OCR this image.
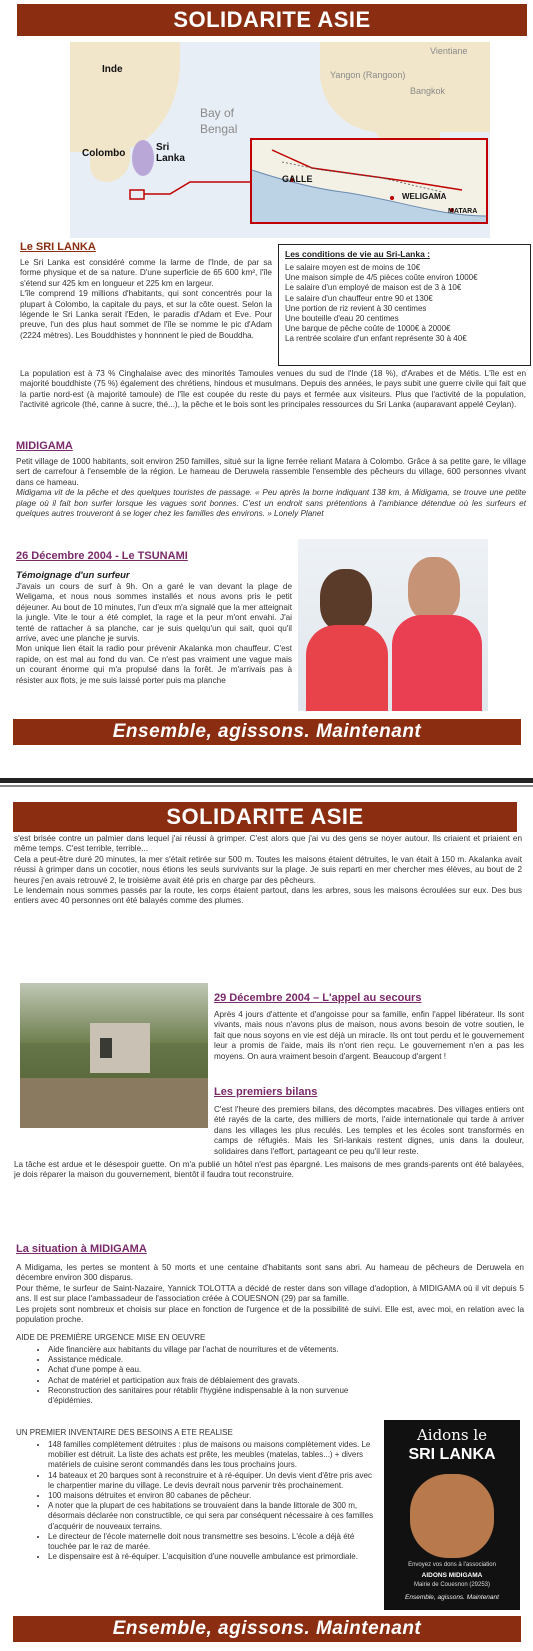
SOLIDARITE ASIE
Inde
Bay of
Bengal
Colombo
Sri
Lanka
Vientiane
Yangon (Rangoon)
Bangkok
GALLE
WELIGAMA
MATARA
Le SRI LANKA

Le Sri Lanka est considéré comme la larme de l'Inde, de par sa forme physique et de sa nature. D'une superficie de 65 600 km², l'île s'étend sur 425 km en longueur et 225 km en largeur.

L'île comprend 19 millions d'habitants, qui sont concentrés pour la plupart à Colombo, la capitale du pays, et sur la côte ouest. Selon la légende le Sri Lanka serait l'Eden, le paradis d'Adam et Eve. Pour preuve, l'un des plus haut sommet de l'île se nomme le pic d'Adam (2224 mètres). Les Bouddhistes y honnnent le pied de Bouddha.

Les conditions de vie au Sri-Lanka :
Le salaire moyen est de moins de 10€
Une maison simple de 4/5 pièces coûte environ 1000€
Le salaire d'un employé de maison est de 3 à 10€
Le salaire d'un chauffeur entre 90 et 130€
Une portion de riz revient à 30 centimes
Une bouteille d'eau 20 centimes
Une barque de pêche coûte de 1000€ à 2000€
La rentrée scolaire d'un enfant représente 30 à 40€
La population est à 73 % Cinghalaise avec des minorités Tamoules venues du sud de l'Inde (18 %), d'Arabes et de Métis. L'île est en majorité bouddhiste (75 %) également des chrétiens, hindous et musulmans. Depuis des années, le pays subit une guerre civile qui fait que la partie nord-est (à majorité tamoule) de l'île est coupée du reste du pays et fermée aux visiteurs. Plus que l'activité de la population, l'activité agricole (thé, canne à sucre, thé...), la pêche et le bois sont les principales ressources du Sri Lanka (auparavant appelé Ceylan).
MIDIGAMA

Petit village de 1000 habitants, soit environ 250 familles, situé sur la ligne ferrée reliant Matara à Colombo. Grâce à sa petite gare, le village sert de carrefour à l'ensemble de la région. Le hameau de Deruwela rassemble l'ensemble des pêcheurs du village, 600 personnes vivant dans ce hameau.

Midigama vit de la pêche et des quelques touristes de passage. « Peu après la borne indiquant 138 km, à Midigama, se trouve une petite plage où il fait bon surfer lorsque les vagues sont bonnes. C'est un endroit sans prétentions à l'ambiance détendue où les surfeurs et quelques autres trouveront à se loger chez les familles des environs. » Lonely Planet

26 Décembre 2004 - Le TSUNAMI
Témoignage d'un surfeur

J'avais un cours de surf à 9h. On a garé le van devant la plage de Weligama, et nous nous sommes installés et nous avons pris le petit déjeuner. Au bout de 10 minutes, l'un d'eux m'a signalé que la mer atteignait la jungle. Vite le tour a été complet, la rage et la peur m'ont envahi. J'ai tenté de rattacher à sa planche, car je suis quelqu'un qui sait, quoi qu'il arrive, avec une planche je survis.

Mon unique lien était la radio pour prévenir Akalanka mon chauffeur. C'est rapide, on est mal au fond du van. Ce n'est pas vraiment une vague mais un courant énorme qui m'a propulsé dans la forêt. Je m'arrivais pas à résister aux flots, je me suis laissé porter puis ma planche

Ensemble, agissons. Maintenant
SOLIDARITE ASIE

s'est brisée contre un palmier dans lequel j'ai réussi à grimper. C'est alors que j'ai vu des gens se noyer autour. Ils criaient et priaient en même temps. C'est terrible, terrible...

Cela a peut-être duré 20 minutes, la mer s'était retirée sur 500 m. Toutes les maisons étaient détruites, le van était à 150 m. Akalanka avait réussi à grimper dans un cocotier, nous étions les seuls survivants sur la plage. Je suis reparti en mer chercher mes élèves, au bout de 2 heures j'en avais retrouvé 2, le troisième avait été pris en charge par des pêcheurs.

Le lendemain nous sommes passés par la route, les corps étaient partout, dans les arbres, sous les maisons écroulées sur eux. Des bus entiers avec 40 personnes ont été balayés comme des plumes.

29 Décembre 2004 – L'appel au secours
Après 4 jours d'attente et d'angoisse pour sa famille, enfin l'appel libérateur. Ils sont vivants, mais nous n'avons plus de maison, nous avons besoin de votre soutien, le fait que nous soyons en vie est déjà un miracle. Ils ont tout perdu et le gouvernement leur a promis de l'aide, mais ils n'ont rien reçu. Le gouvernement n'en a pas les moyens. On aura vraiment besoin d'argent. Beaucoup d'argent !
Les premiers bilans
C'est l'heure des premiers bilans, des décomptes macabres. Des villages entiers ont été rayés de la carte, des milliers de morts, l'aide internationale qui tarde à arriver dans les villages les plus reculés. Les temples et les écoles sont transformés en camps de réfugiés. Mais les Sri-lankais restent dignes, unis dans la douleur, solidaires dans l'effort, partageant ce peu qu'il leur reste.
La tâche est ardue et le désespoir guette. On m'a publié un hôtel n'est pas épargné. Les maisons de mes grands-parents ont été balayées, je dois réparer la maison du gouvernement, bientôt il faudra tout reconstruire.
La situation à MIDIGAMA

A Midigama, les pertes se montent à 50 morts et une centaine d'habitants sont sans abri. Au hameau de pêcheurs de Deruwela en décembre environ 300 disparus.

Pour thème, le surfeur de Saint-Nazaire, Yannick TOLOTTA a décidé de rester dans son village d'adoption, à MIDIGAMA où il vit depuis 5 ans. Il est sur place l'ambassadeur de l'association créée à COUESNON (29) par sa famille.

Les projets sont nombreux et choisis sur place en fonction de l'urgence et de la possibilité de suivi. Elle est, avec moi, en relation avec la population proche.

AIDE DE PREMIÈRE URGENCE MISE EN OEUVRE
• Aide financière aux habitants du village par l'achat de nourritures et de vêtements.
• Assistance médicale.
• Achat d'une pompe à eau.
• Achat de matériel et participation aux frais de déblaiement des gravats.
• Reconstruction des sanitaires pour rétablir l'hygiène indispensable à la non survenue d'épidémies.
UN PREMIER INVENTAIRE DES BESOINS A ETE REALISE
• 148 familles complètement détruites : plus de maisons ou maisons complètement vides. Le mobilier est détruit. La liste des achats est prête, les meubles (matelas, tables...) + divers matériels de cuisine seront commandés dans les tous prochains jours.
• 14 bateaux et 20 barques sont à reconstruire et à ré-équiper. Un devis vient d'être pris avec le charpentier marine du village. Le devis devrait nous parvenir très prochainement.
• 100 maisons détruites et environ 80 cabanes de pêcheur.
• A noter que la plupart de ces habitations se trouvaient dans la bande littorale de 300 m, désormais déclarée non constructible, ce qui sera par conséquent nécessaire à ces familles d'acquérir de nouveaux terrains.
• Le directeur de l'école maternelle doit nous transmettre ses besoins. L'école a déjà été touchée par le raz de marée.
• Le dispensaire est à ré-équiper. L'acquisition d'une nouvelle ambulance est primordiale.
Aidons le
SRI LANKA
Envoyez vos dons à l'association
AIDONS MIDIGAMA
Mairie de Couesnon (29253)
Ensemble, agissons. Maintenant
Ensemble, agissons. Maintenant
